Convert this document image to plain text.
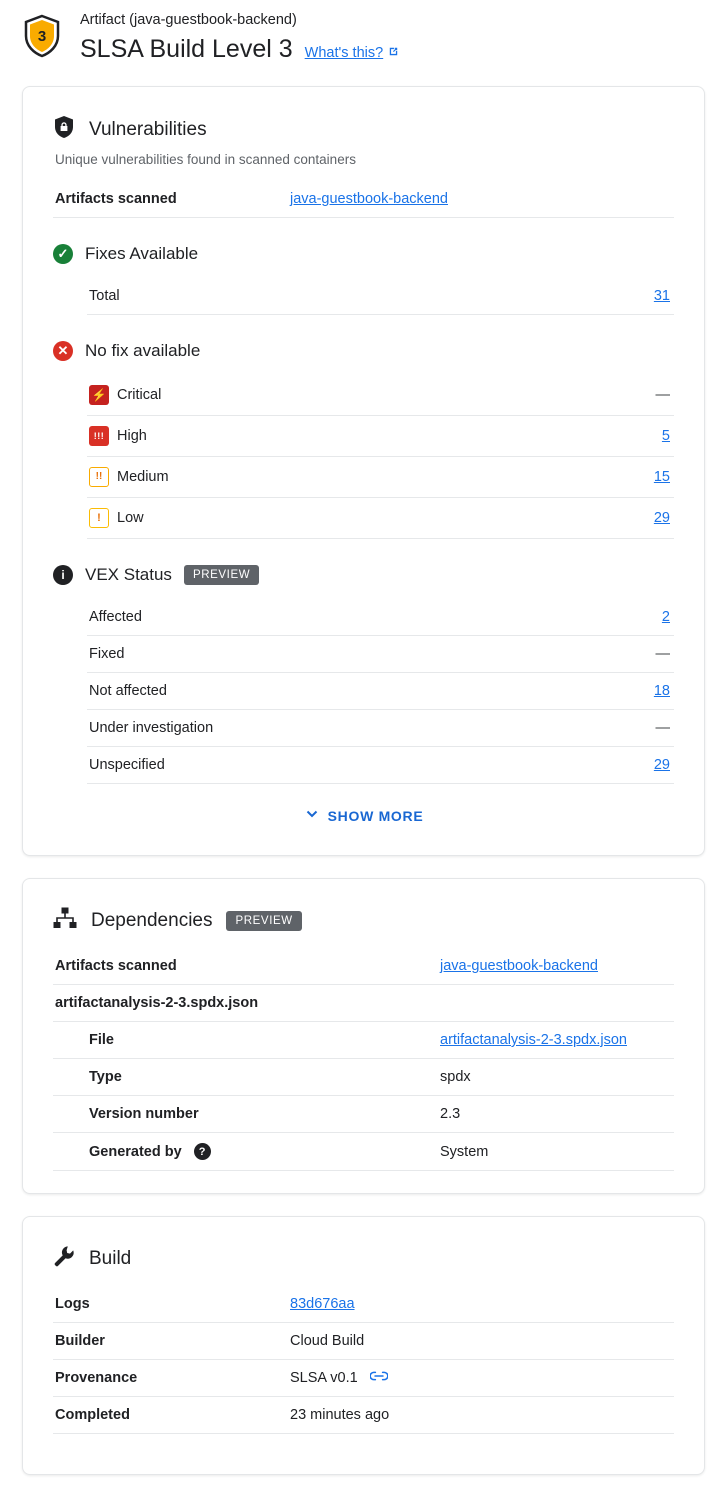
3
Artifact (java-guestbook-backend)
SLSA Build Level 3 What's this?
Vulnerabilities
Unique vulnerabilities found in scanned containers
Artifacts scanned	java-guestbook-backend
✓ Fixes Available
Total	31
✕ No fix available
⚡ Critical	—
!!! High	5
!!	Medium	15
!	Low	29
i	VEX Status	PREVIEW
Affected	2
Fixed	—
Not affected	18
Under investigation	—
Unspecified	29
SHOW MORE
Dependencies	PREVIEW
Artifacts scanned	java-guestbook-backend
artifactanalysis-2-3.spdx.json
File	artifactanalysis-2-3.spdx.json
Type	spdx
Version number	2.3
Generated by	?	System
Build
Logs	83d676aa
Builder	Cloud Build
Provenance	SLSA v0.1
Completed	23 minutes ago
